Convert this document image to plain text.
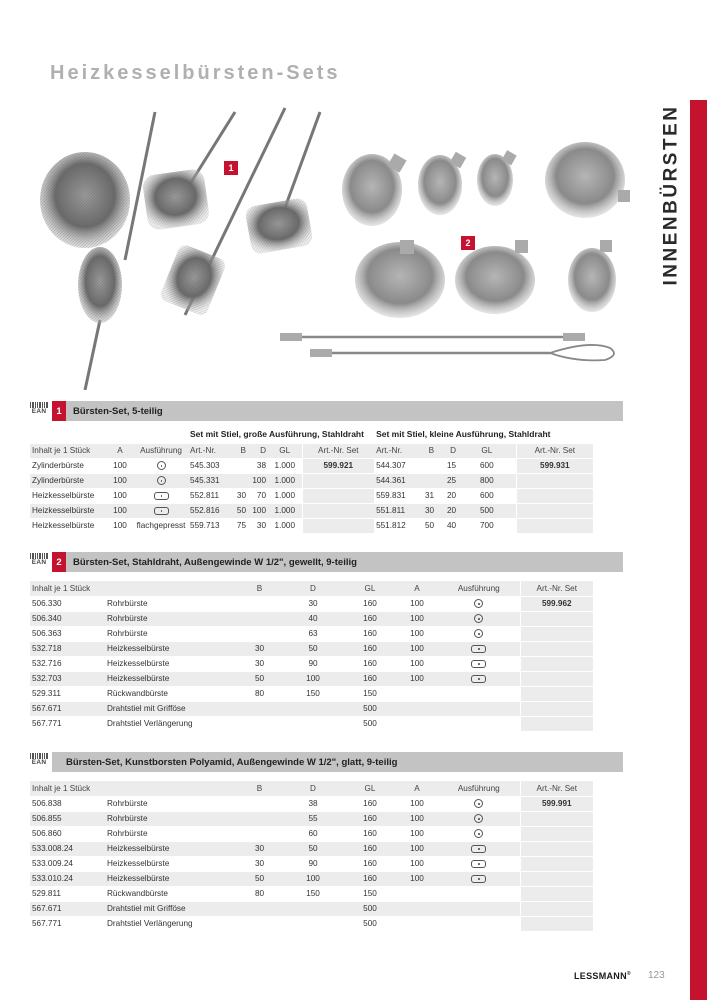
Heizkesselbürsten-Sets
INNENBÜRSTEN
1
2
EAN	1	Bürsten-Set, 5-teilig
			Set mit Stiel, große Ausführung, Stahldraht					Set mit Stiel, kleine Ausführung, Stahldraht				
Inhalt je 1 Stück	A	Ausführung	Art.-Nr.	B	D	GL	Art.-Nr. Set	Art.-Nr.	B	D	GL	Art.-Nr. Set
Zylinderbürste	100		545.303		38	1.000	599.921	544.307		15	600	599.931
Zylinderbürste	100		545.331		100	1.000		544.361		25	800	
Heizkesselbürste	100		552.811	30	70	1.000		559.831	31	20	600	
Heizkesselbürste	100		552.816	50	100	1.000		551.811	30	20	500	
Heizkesselbürste	100	flachgepresst	559.713	75	30	1.000		551.812	50	40	700	
EAN	2	Bürsten-Set, Stahldraht, Außengewinde W 1/2", gewellt, 9-teilig
Inhalt je 1 Stück		B	D	GL	A	Ausführung	Art.-Nr. Set
506.330	Rohrbürste		30	160	100		599.962
506.340	Rohrbürste		40	160	100		
506.363	Rohrbürste		63	160	100		
532.718	Heizkesselbürste	30	50	160	100		
532.716	Heizkesselbürste	30	90	160	100		
532.703	Heizkesselbürste	50	100	160	100		
529.311	Rückwandbürste	80	150	150			
567.671	Drahtstiel mit Grifföse			500			
567.771	Drahtstiel Verlängerung			500			
EAN Bürsten-Set, Kunstborsten Polyamid, Außengewinde W 1/2", glatt, 9-teilig
Inhalt je 1 Stück		B	D	GL	A	Ausführung	Art.-Nr. Set
506.838	Rohrbürste		38	160	100		599.991
506.855	Rohrbürste		55	160	100		
506.860	Rohrbürste		60	160	100		
533.008.24	Heizkesselbürste	30	50	160	100		
533.009.24	Heizkesselbürste	30	90	160	100		
533.010.24	Heizkesselbürste	50	100	160	100		
529.811	Rückwandbürste	80	150	150			
567.671	Drahtstiel mit Grifföse			500			
567.771	Drahtstiel Verlängerung			500			
LESSMANN® 123
